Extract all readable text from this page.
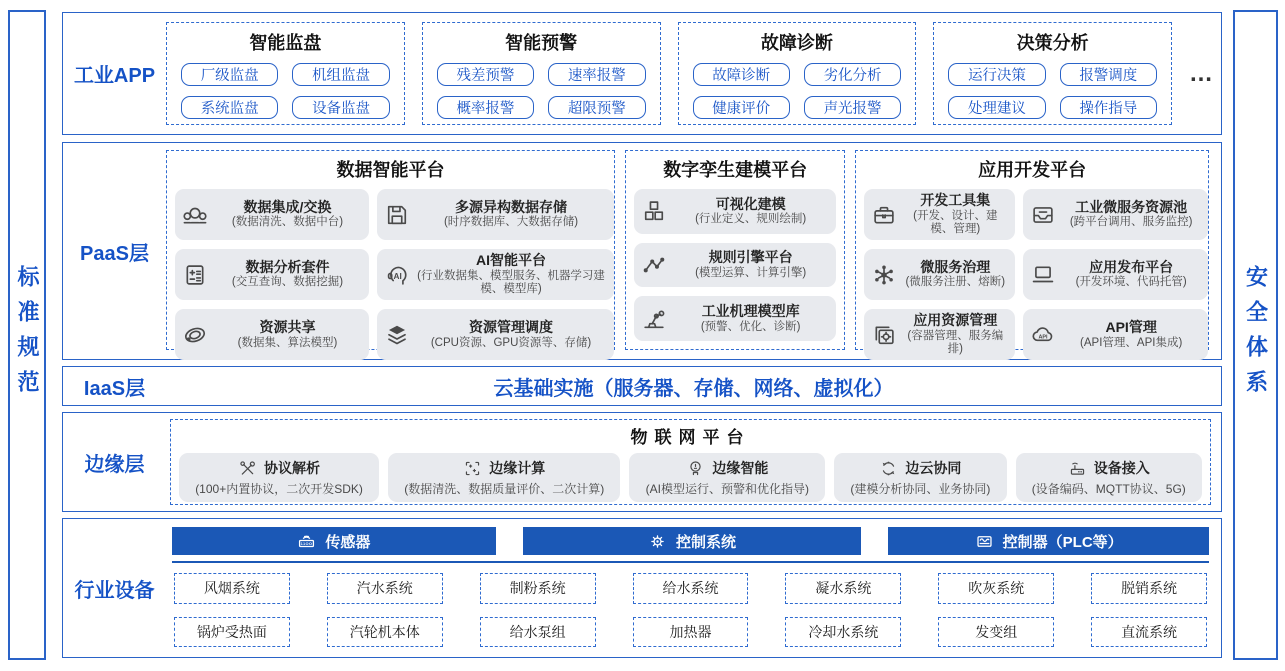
标准规范
工业APP
智能监盘
厂级监盘	机组监盘
系统监盘	设备监盘
智能预警
残差预警	速率报警
概率报警	超限预警
故障诊断
故障诊断	劣化分析
健康评价	声光报警
决策分析
运行决策	报警调度
处理建议	操作指导
…
PaaS层
数据智能平台
数据集成/交换
(数据清洗、数据中台)
多源异构数据存储
(时序数据库、大数据存储)
数据分析套件
(交互查询、数据挖掘)
AI
AI智能平台
(行业数据集、模型服务、机器学习建模、模型库)
资源共享
(数据集、算法模型)
资源管理调度
(CPU资源、GPU资源等、存储)
数字孪生建模平台
可视化建模
(行业定义、规则绘制)
规则引擎平台
(模型运算、计算引擎)
工业机理模型库
(预警、优化、诊断)
应用开发平台
开发工具集
(开发、设计、建模、管理)
工业微服务资源池
(跨平台调用、服务监控)
微服务治理
(微服务注册、熔断)
应用发布平台
(开发环境、代码托管)
应用资源管理
(容器管理、服务编排)
API
API管理
(API管理、API集成)
IaaS层	云基础实施（服务器、存储、网络、虚拟化）
边缘层
物联网平台
协议解析
(100+内置协议，二次开发SDK)
边缘计算
(数据清洗、数据质量评价、二次计算)
边缘智能
(AI模型运行、预警和优化指导)
边云协同
(建模分析协同、业务协同)
设备接入
(设备编码、MQTT协议、5G)
行业设备
11OO 传感器	控制系统	控制器（PLC等）
风烟系统	汽水系统	制粉系统	给水系统	凝水系统	吹灰系统	脱销系统
锅炉受热面	汽轮机本体	给水泵组	加热器	冷却水系统	发变组	直流系统
安全体系
